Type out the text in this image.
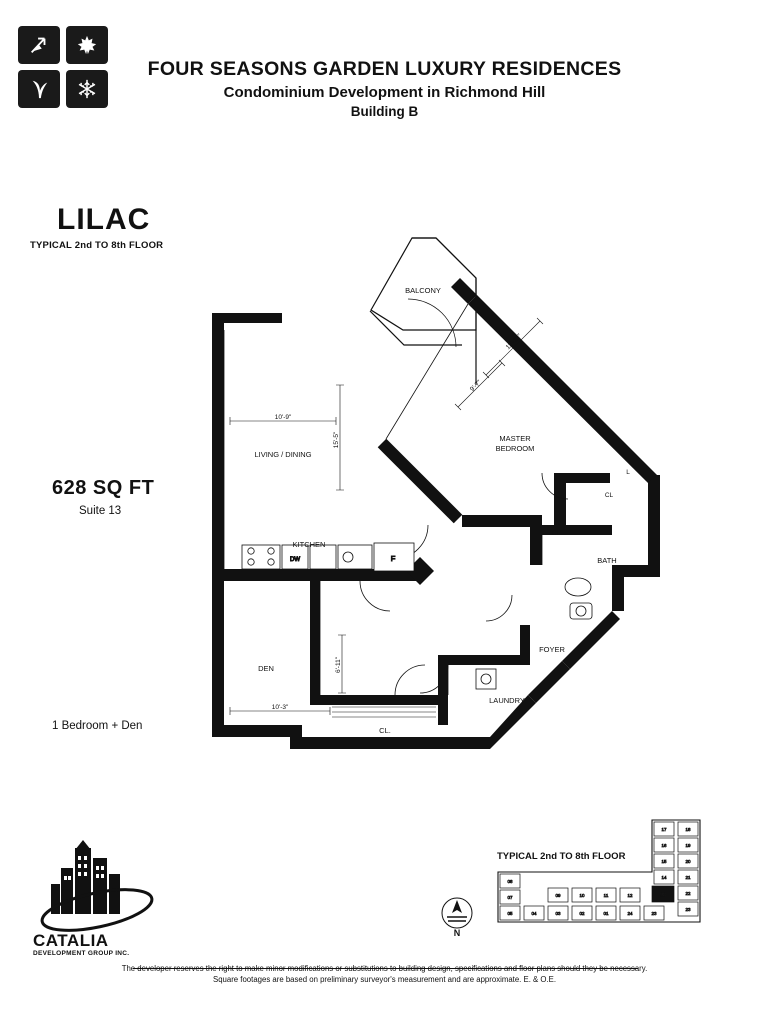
FOUR SEASONS GARDEN LUXURY RESIDENCES
Condominium Development in Richmond Hill
Building B
LILAC
TYPICAL 2nd TO 8th FLOOR
628 SQ FT
Suite 13
1 Bedroom + Den
DW	F
BALCONY
LIVING / DINING
MASTER
BEDROOM
KITCHEN
BATH
FOYER
DEN
LAUNDRY
CL.
CL
CL
L
10'-9"
15'-5"
10'-3"
6'-11"
11'-11"
9'-7"
TYPICAL 2nd TO 8th FLOOR
17	18
16	19
15	20
14	21
22
23
13
08
07
05	04	03	02	01	24	23
09	10	11	12
N
CATALIA
DEVELOPMENT GROUP INC.
The developer reserves the right to make minor modifications or substitutions to building design, specifications and floor plans should they be necessary.
Square footages are based on preliminary surveyor's measurement and are approximate. E. & O.E.
